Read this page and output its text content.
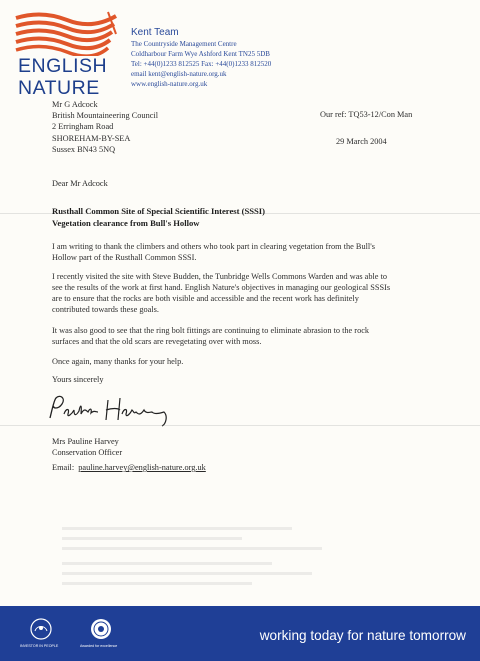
ENGLISH
NATURE
Kent Team
The Countryside Management Centre
Coldharbour Farm Wye Ashford Kent TN25 5DB
Tel: +44(0)1233 812525 Fax: +44(0)1233 812520
email kent@english-nature.org.uk
www.english-nature.org.uk
Mr G Adcock
British Mountaineering Council
2 Erringham Road
SHOREHAM-BY-SEA
Sussex BN43 5NQ
Our ref: TQ53-12/Con Man
29 March 2004
Dear Mr Adcock
Rusthall Common Site of Special Scientific Interest (SSSI)
Vegetation clearance from Bull's Hollow
I am writing to thank the climbers and others who took part in clearing vegetation from the Bull's
Hollow part of the Rusthall Common SSSI.
I recently visited the site with Steve Budden, the Tunbridge Wells Commons Warden and was able to
see the results of the work at first hand. English Nature's objectives in managing our geological SSSIs
are to ensure that the rocks are both visible and accessible and the recent work has definitely
contributed towards these goals.
It was also good to see that the ring bolt fittings are continuing to eliminate abrasion to the rock
surfaces and that the old scars are revegetating over with moss.
Once again, many thanks for your help.
Yours sincerely
Mrs Pauline Harvey
Conservation Officer
Email: pauline.harvey@english-nature.org.uk
INVESTOR IN PEOPLE	Awarded for excellence
working today for nature tomorrow
